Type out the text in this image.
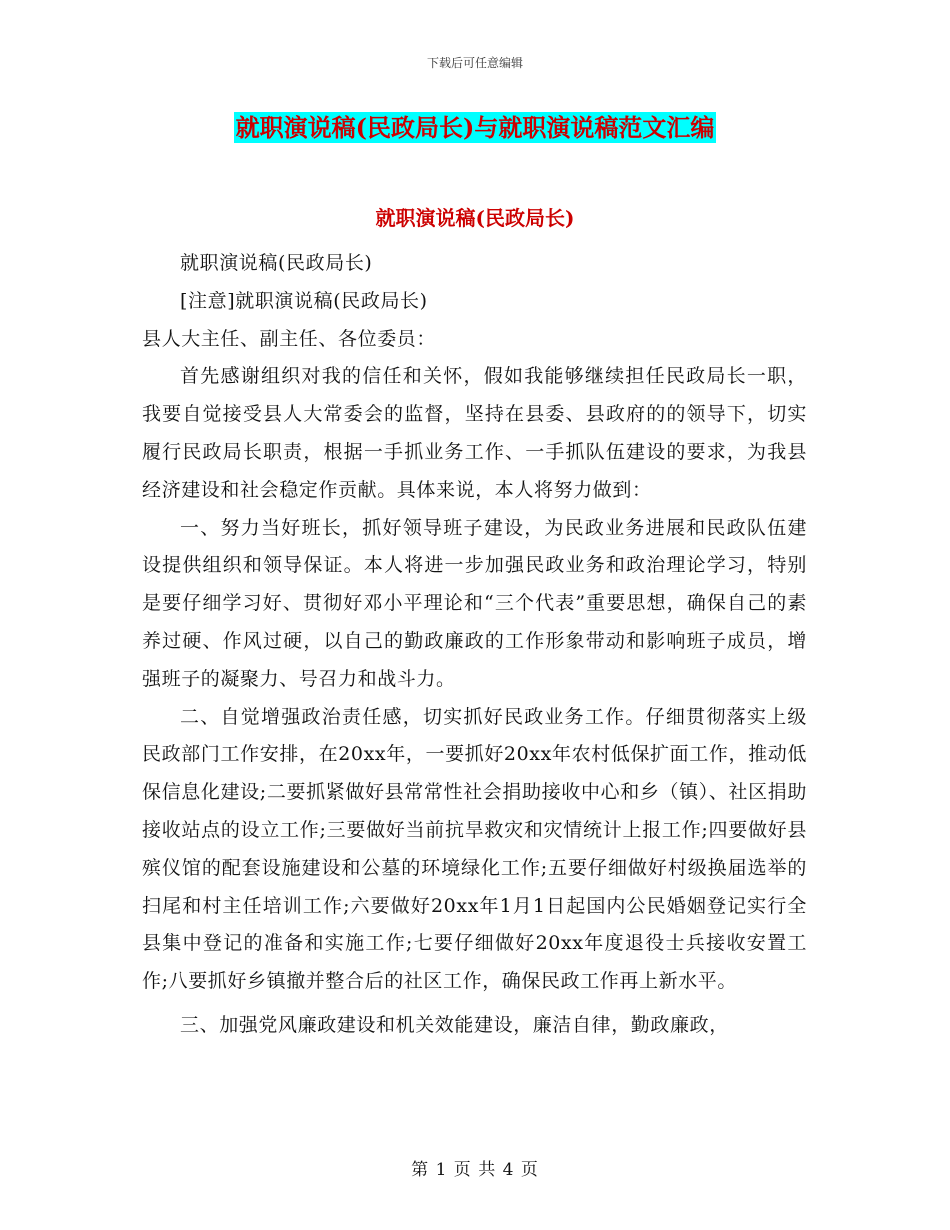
下载后可任意编辑
就职演说稿(民政局长)与就职演说稿范文汇编
就职演说稿(民政局长)

就职演说稿(民政局长)

[注意]就职演说稿(民政局长)

县人大主任、副主任、各位委员：

首先感谢组织对我的信任和关怀，假如我能够继续担任民政局长一职，我要自觉接受县人大常委会的监督，坚持在县委、县政府的的领导下，切实履行民政局长职责，根据一手抓业务工作、一手抓队伍建设的要求，为我县经济建设和社会稳定作贡献。具体来说，本人将努力做到：

一、努力当好班长，抓好领导班子建设，为民政业务进展和民政队伍建设提供组织和领导保证。本人将进一步加强民政业务和政治理论学习，特别是要仔细学习好、贯彻好邓小平理论和“三个代表”重要思想，确保自己的素养过硬、作风过硬，以自己的勤政廉政的工作形象带动和影响班子成员，增强班子的凝聚力、号召力和战斗力。

二、自觉增强政治责任感，切实抓好民政业务工作。仔细贯彻落实上级民政部门工作安排，在20xx年，一要抓好20xx年农村低保扩面工作，推动低保信息化建设;二要抓紧做好县常常性社会捐助接收中心和乡（镇）、社区捐助接收站点的设立工作;三要做好当前抗旱救灾和灾情统计上报工作;四要做好县殡仪馆的配套设施建设和公墓的环境绿化工作;五要仔细做好村级换届选举的扫尾和村主任培训工作;六要做好20xx年1月1日起国内公民婚姻登记实行全县集中登记的准备和实施工作;七要仔细做好20xx年度退役士兵接收安置工作;八要抓好乡镇撤并整合后的社区工作，确保民政工作再上新水平。

三、加强党风廉政建设和机关效能建设，廉洁自律，勤政廉政，

第 1 页 共 4 页
